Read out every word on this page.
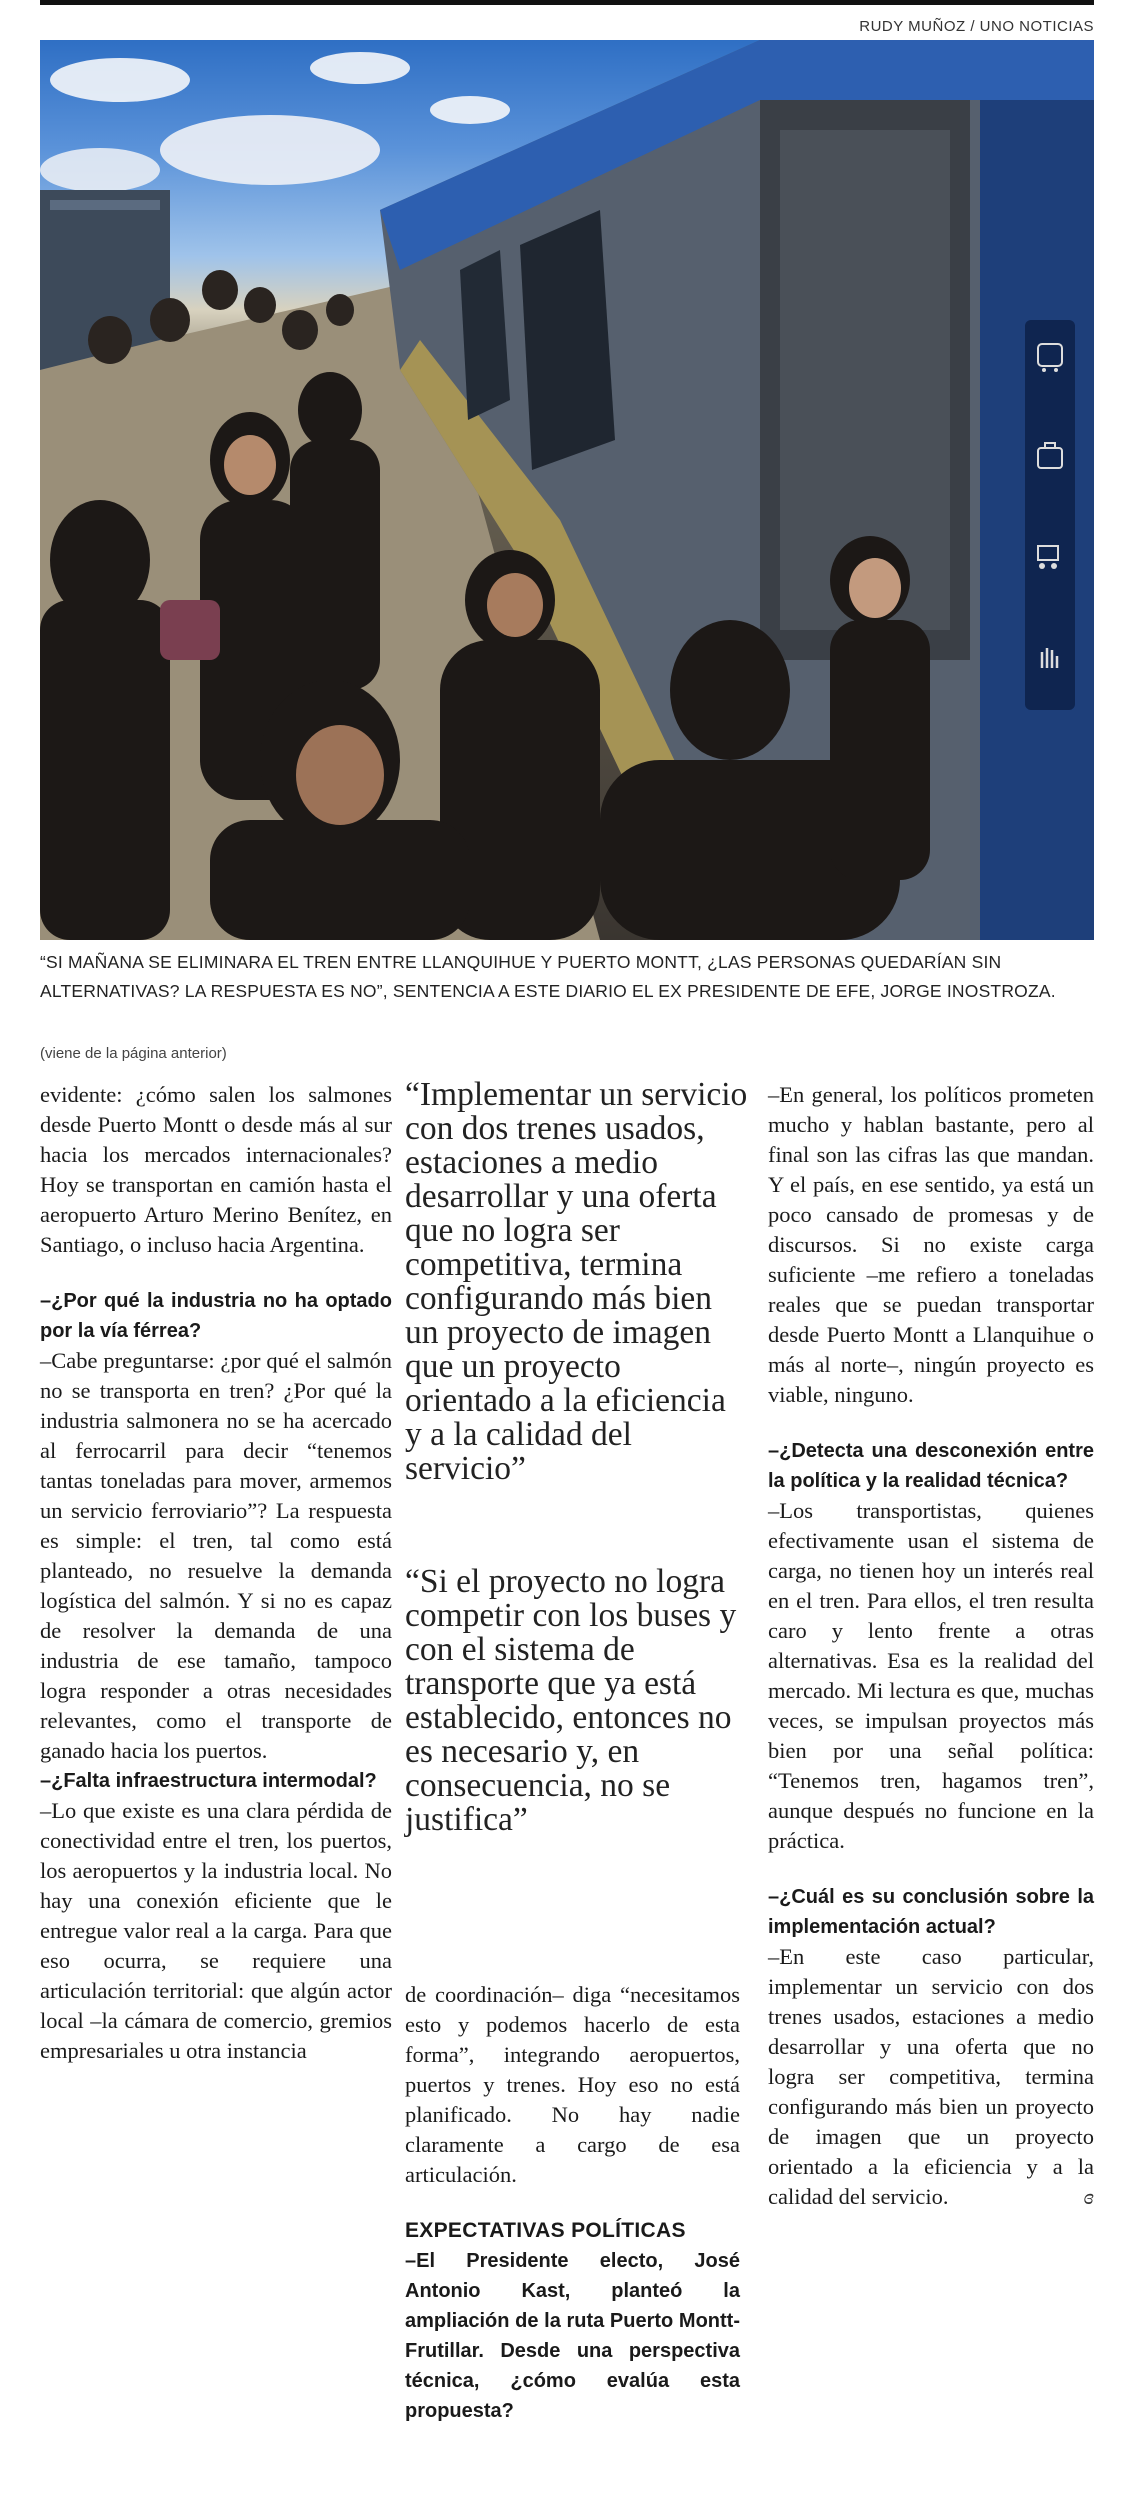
RUDY MUÑOZ / UNO NOTICIAS
“SI MAÑANA SE ELIMINARA EL TREN ENTRE LLANQUIHUE Y PUERTO MONTT, ¿LAS PERSONAS QUEDARÍAN SIN ALTERNATIVAS? LA RESPUESTA ES NO”, SENTENCIA A ESTE DIARIO EL EX PRESIDENTE DE EFE, JORGE INOSTROZA.
(viene de la página anterior)

evidente: ¿cómo salen los salmones desde Puerto Montt o desde más al sur hacia los mercados internacionales? Hoy se transportan en camión hasta el aeropuerto Arturo Merino Benítez, en Santiago, o incluso hacia Argentina.

–¿Por qué la industria no ha optado por la vía férrea?

–Cabe preguntarse: ¿por qué el salmón no se transporta en tren? ¿Por qué la industria salmonera no se ha acercado al ferrocarril para decir “tenemos tantas toneladas para mover, armemos un servicio ferroviario”? La respuesta es simple: el tren, tal como está planteado, no resuelve la demanda logística del salmón. Y si no es capaz de resolver la demanda de una industria de ese tamaño, tampoco logra responder a otras necesidades relevantes, como el transporte de ganado hacia los puertos.

–¿Falta infraestructura intermodal?

–Lo que existe es una clara pérdida de conectividad entre el tren, los puertos, los aeropuertos y la industria local. No hay una conexión eficiente que le entregue valor real a la carga. Para que eso ocurra, se requiere una articulación territorial: que algún actor local –la cámara de comercio, gremios empresariales u otra instancia

“Implementar un servicio con dos trenes usados, estaciones a medio desarrollar y una oferta que no logra ser competitiva, termina configurando más bien un proyecto de imagen que un proyecto orientado a la eficiencia y a la calidad del servicio”
“Si el proyecto no logra competir con los buses y con el sistema de transporte que ya está establecido, entonces no es necesario y, en consecuencia, no se justifica”

de coordinación– diga “necesitamos esto y podemos hacerlo de esta forma”, integrando aeropuertos, puertos y trenes. Hoy eso no está planificado. No hay nadie claramente a cargo de esa articulación.

EXPECTATIVAS POLÍTICAS

–El Presidente electo, José Antonio Kast, planteó la ampliación de la ruta Puerto Montt-Frutillar. Desde una perspectiva técnica, ¿cómo evalúa esta propuesta?

–En general, los políticos prometen mucho y hablan bastante, pero al final son las cifras las que mandan. Y el país, en ese sentido, ya está un poco cansado de promesas y de discursos. Si no existe carga suficiente –me refiero a toneladas reales que se puedan transportar desde Puerto Montt a Llanquihue o más al norte–, ningún proyecto es viable, ninguno.

–¿Detecta una desconexión entre la política y la realidad técnica?

–Los transportistas, quienes efectivamente usan el sistema de carga, no tienen hoy un interés real en el tren. Para ellos, el tren resulta caro y lento frente a otras alternativas. Esa es la realidad del mercado. Mi lectura es que, muchas veces, se impulsan proyectos más bien por una señal política: “Tenemos tren, hagamos tren”, aunque después no funcione en la práctica.

–¿Cuál es su conclusión sobre la implementación actual?

–En este caso particular, implementar un servicio con dos trenes usados, estaciones a medio desarrollar y una oferta que no logra ser competitiva, termina configurando más bien un proyecto de imagen que un proyecto orientado a la eficiencia y a la calidad del servicio.	ɞ
